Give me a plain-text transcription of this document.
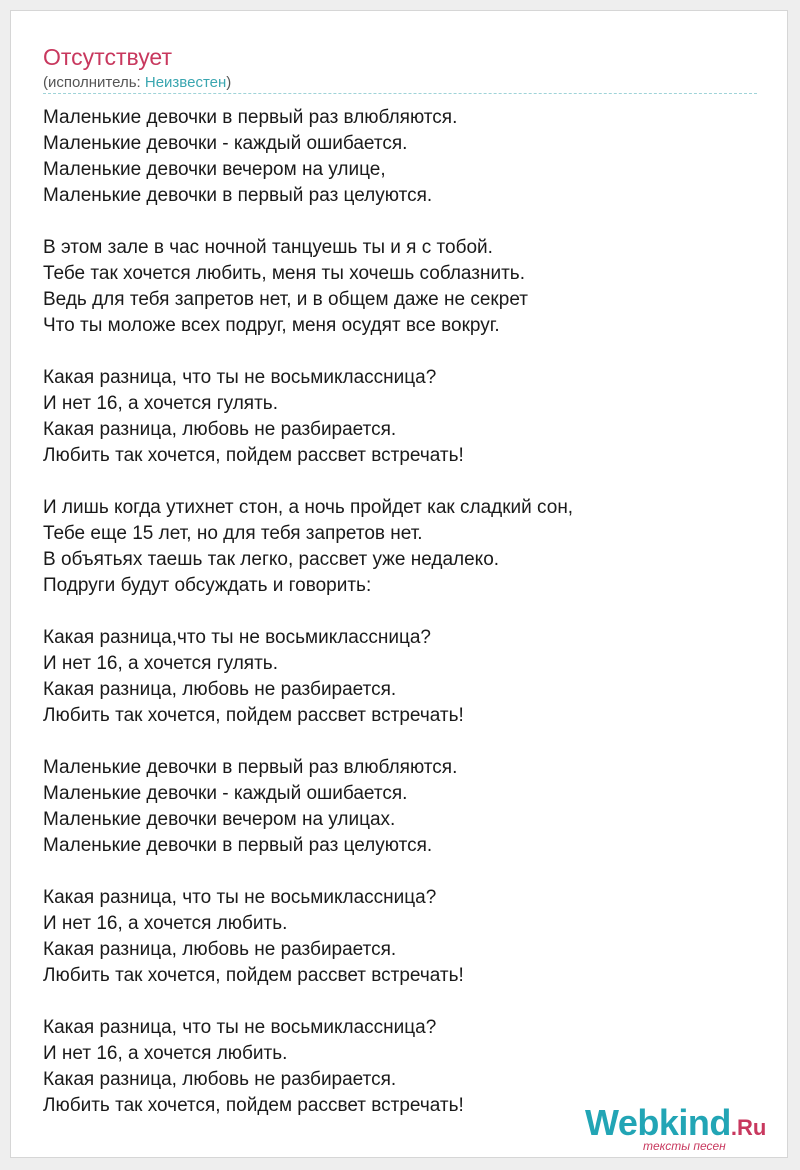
Отсутствует
(исполнитель: Неизвестен)
Маленькие девочки в первый раз влюбляются.
Маленькие девочки - каждый ошибается.
Маленькие девочки вечером на улице,
Маленькие девочки в первый раз целуются.
В этом зале в час ночной танцуешь ты и я с тобой.
Тебе так хочется любить, меня ты хочешь соблазнить.
Ведь для тебя запретов нет, и в общем даже не секрет
Что ты моложе всех подруг, меня осудят все вокруг.
Какая разница, что ты не восьмиклассница?
И нет 16, а хочется гулять.
Какая разница, любовь не разбирается.
Любить так хочется, пойдем рассвет встречать!
И лишь когда утихнет стон, а ночь пройдет как сладкий сон,
Тебе еще 15 лет, но для тебя запретов нет.
В объятьях таешь так легко, рассвет уже недалеко.
Подруги будут обсуждать и говорить:
Какая разница,что ты не восьмиклассница?
И нет 16, а хочется гулять.
Какая разница, любовь не разбирается.
Любить так хочется, пойдем рассвет встречать!
Маленькие девочки в первый раз влюбляются.
Маленькие девочки - каждый ошибается.
Маленькие девочки вечером на улицах.
Маленькие девочки в первый раз целуются.
Какая разница, что ты не восьмиклассница?
И нет 16, а хочется любить.
Какая разница, любовь не разбирается.
Любить так хочется, пойдем рассвет встречать!
Какая разница, что ты не восьмиклассница?
И нет 16, а хочется любить.
Какая разница, любовь не разбирается.
Любить так хочется, пойдем рассвет встречать!	Webkind.Ru
тексты песен
